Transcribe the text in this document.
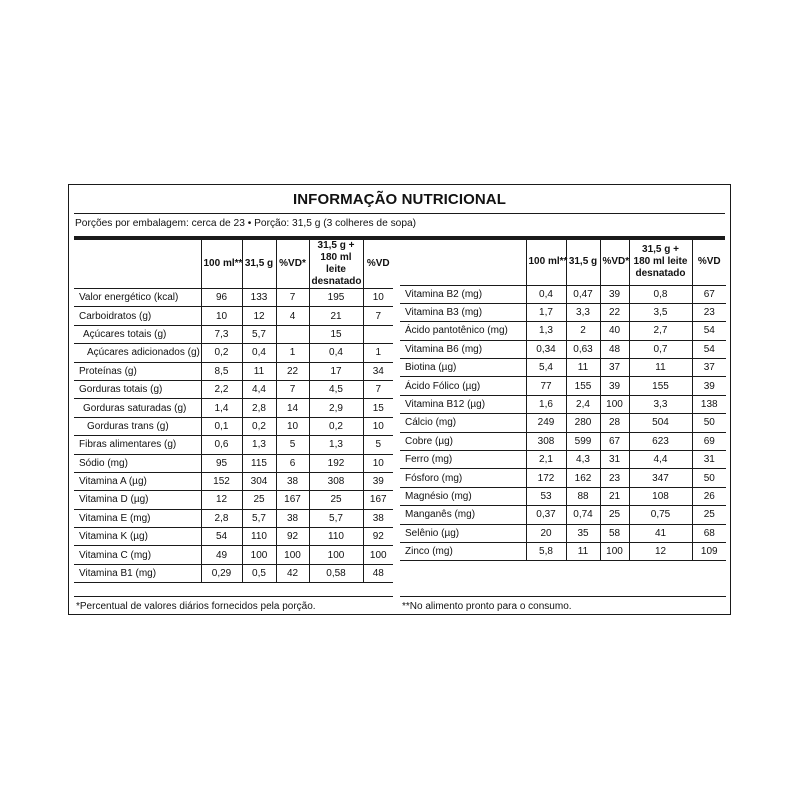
INFORMAÇÃO NUTRICIONAL
Porções por embalagem: cerca de 23 • Porção: 31,5 g (3 colheres de sopa)
	100 ml**	31,5 g	%VD*	31,5 g +
180 ml leite
desnatado	%VD
Valor energético (kcal)	96	133	7	195	10
Carboidratos (g)	10	12	4	21	7
Açúcares totais (g)	7,3	5,7		15	
Açúcares adicionados (g)	0,2	0,4	1	0,4	1
Proteínas (g)	8,5	11	22	17	34
Gorduras totais (g)	2,2	4,4	7	4,5	7
Gorduras saturadas (g)	1,4	2,8	14	2,9	15
Gorduras trans (g)	0,1	0,2	10	0,2	10
Fibras alimentares (g)	0,6	1,3	5	1,3	5
Sódio (mg)	95	115	6	192	10
Vitamina A (µg)	152	304	38	308	39
Vitamina D (µg)	12	25	167	25	167
Vitamina E (mg)	2,8	5,7	38	5,7	38
Vitamina K (µg)	54	110	92	110	92
Vitamina C (mg)	49	100	100	100	100
Vitamina B1 (mg)	0,29	0,5	42	0,58	48
	100 ml**	31,5 g	%VD*	31,5 g +
180 ml leite
desnatado	%VD
Vitamina B2 (mg)	0,4	0,47	39	0,8	67
Vitamina B3 (mg)	1,7	3,3	22	3,5	23
Ácido pantotênico (mg)	1,3	2	40	2,7	54
Vitamina B6 (mg)	0,34	0,63	48	0,7	54
Biotina (µg)	5,4	11	37	11	37
Ácido Fólico (µg)	77	155	39	155	39
Vitamina B12 (µg)	1,6	2,4	100	3,3	138
Cálcio (mg)	249	280	28	504	50
Cobre (µg)	308	599	67	623	69
Ferro (mg)	2,1	4,3	31	4,4	31
Fósforo (mg)	172	162	23	347	50
Magnésio (mg)	53	88	21	108	26
Manganês (mg)	0,37	0,74	25	0,75	25
Selênio (µg)	20	35	58	41	68
Zinco (mg)	5,8	11	100	12	109
*Percentual de valores diários fornecidos pela porção.	**No alimento pronto para o consumo.
